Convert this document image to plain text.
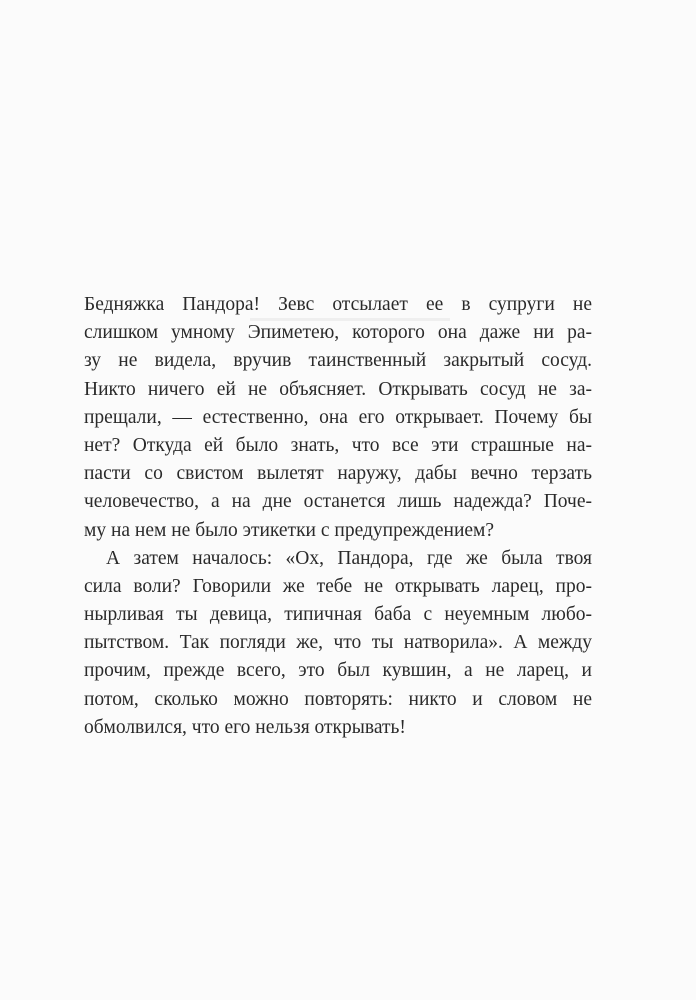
Бедняжка Пандора! Зевс отсылает ее в супруги не
слишком умному Эпиметею, которого она даже ни ра-
зу не видела, вручив таинственный закрытый сосуд.
Никто ничего ей не объясняет. Открывать сосуд не за-
прещали, — естественно, она его открывает. Почему бы
нет? Откуда ей было знать, что все эти страшные на-
пасти со свистом вылетят наружу, дабы вечно терзать
человечество, а на дне останется лишь надежда? Поче-
му на нем не было этикетки с предупреждением?
А затем началось: «Ох, Пандора, где же была твоя
сила воли? Говорили же тебе не открывать ларец, про-
нырливая ты девица, типичная баба с неуемным любо-
пытством. Так погляди же, что ты натворила». А между
прочим, прежде всего, это был кувшин, а не ларец, и
потом, сколько можно повторять: никто и словом не
обмолвился, что его нельзя открывать!
